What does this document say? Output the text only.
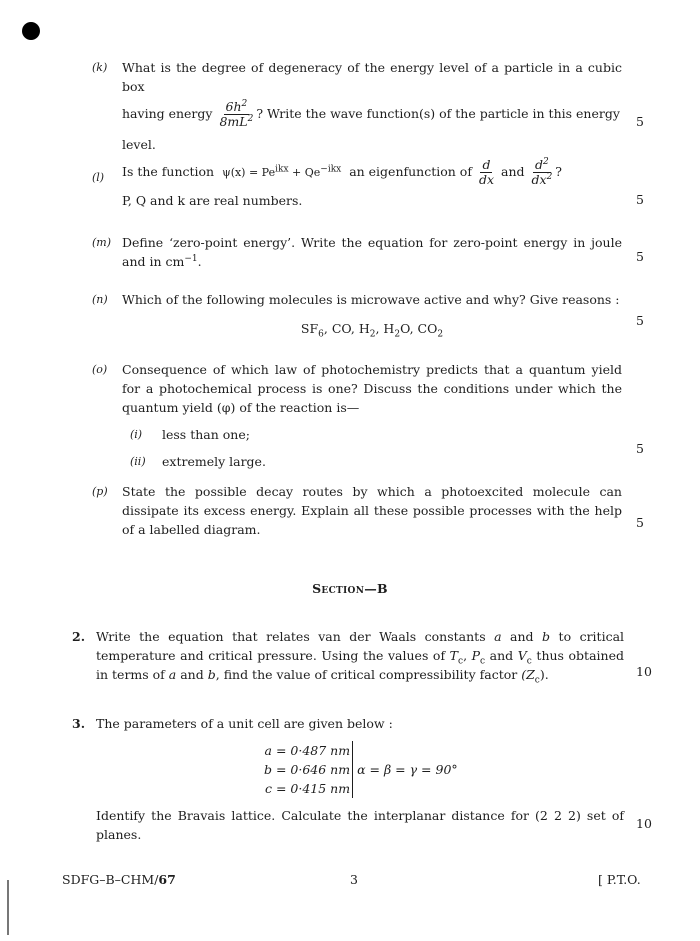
(k) What is the degree of degeneracy of the energy level of a particle in a cubic box
having energy $\frac{6h^2}{8mL^2}$ ? Write the wave function(s) of the particle in this energy
level.
5
(l) Is the function $\psi(x) = Pe^{ikx} + Qe^{-ikx}$ an eigenfunction of $\frac{d}{dx}$ and $\frac{d^2}{dx^2}$ ?
P, Q and k are real numbers.	5
(m) Define ‘zero-point energy’. Write the equation for zero-point energy in joule and in $cm^{-1}$.	5
(n) Which of the following molecules is microwave active and why? Give reasons :
$SF_6$, CO, $H_2$, $H_2O$, $CO_2$
5
(o) Consequence of which law of photochemistry predicts that a quantum yield for a photochemical process is one? Discuss the conditions under which the quantum yield (φ) of the reaction is—
(i) less than one;
(ii) extremely large.
5
(p) State the possible decay routes by which a photoexcited molecule can dissipate its excess energy. Explain all these possible processes with the help of a labelled diagram.	5
Section—B
2. Write the equation that relates van der Waals constants a and b to critical temperature and critical pressure. Using the values of $T_c$, $P_c$ and $V_c$ thus obtained in terms of a and b, find the value of critical compressibility factor $(Z_c)$.	10
3. The parameters of a unit cell are given below :
a = 0·487 nm
b = 0·646 nm
c = 0·415 nm
α = β = γ = 90°
Identify the Bravais lattice. Calculate the interplanar distance for (2 2 2) set of planes.
10
SDFG–B–CHM/67	3	[ P.T.O.
